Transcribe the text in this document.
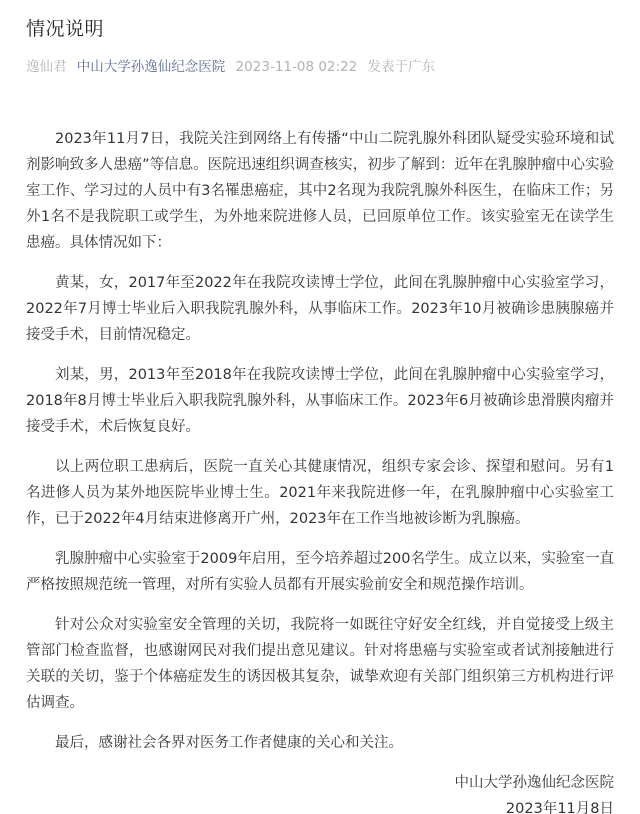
情况说明
逸仙君 中山大学孙逸仙纪念医院 2023-11-08 02:22 发表于广东

2023年11月7日，我院关注到网络上有传播“中山二院乳腺外科团队疑受实验环境和试剂影响致多人患癌”等信息。医院迅速组织调查核实，初步了解到：近年在乳腺肿瘤中心实验室工作、学习过的人员中有3名罹患癌症，其中2名现为我院乳腺外科医生，在临床工作；另外1名不是我院职工或学生，为外地来院进修人员，已回原单位工作。该实验室无在读学生患癌。具体情况如下：

黄某，女，2017年至2022年在我院攻读博士学位，此间在乳腺肿瘤中心实验室学习，2022年7月博士毕业后入职我院乳腺外科，从事临床工作。2023年10月被确诊患胰腺癌并接受手术，目前情况稳定。

刘某，男，2013年至2018年在我院攻读博士学位，此间在乳腺肿瘤中心实验室学习，2018年8月博士毕业后入职我院乳腺外科，从事临床工作。2023年6月被确诊患滑膜肉瘤并接受手术，术后恢复良好。

以上两位职工患病后，医院一直关心其健康情况，组织专家会诊、探望和慰问。另有1名进修人员为某外地医院毕业博士生。2021年来我院进修一年，在乳腺肿瘤中心实验室工作，已于2022年4月结束进修离开广州，2023年在工作当地被诊断为乳腺癌。

乳腺肿瘤中心实验室于2009年启用，至今培养超过200名学生。成立以来，实验室一直严格按照规范统一管理，对所有实验人员都有开展实验前安全和规范操作培训。

针对公众对实验室安全管理的关切，我院将一如既往守好安全红线，并自觉接受上级主管部门检查监督，也感谢网民对我们提出意见建议。针对将患癌与实验室或者试剂接触进行关联的关切，鉴于个体癌症发生的诱因极其复杂，诚挚欢迎有关部门组织第三方机构进行评估调查。

最后，感谢社会各界对医务工作者健康的关心和关注。

中山大学孙逸仙纪念医院

2023年11月8日
